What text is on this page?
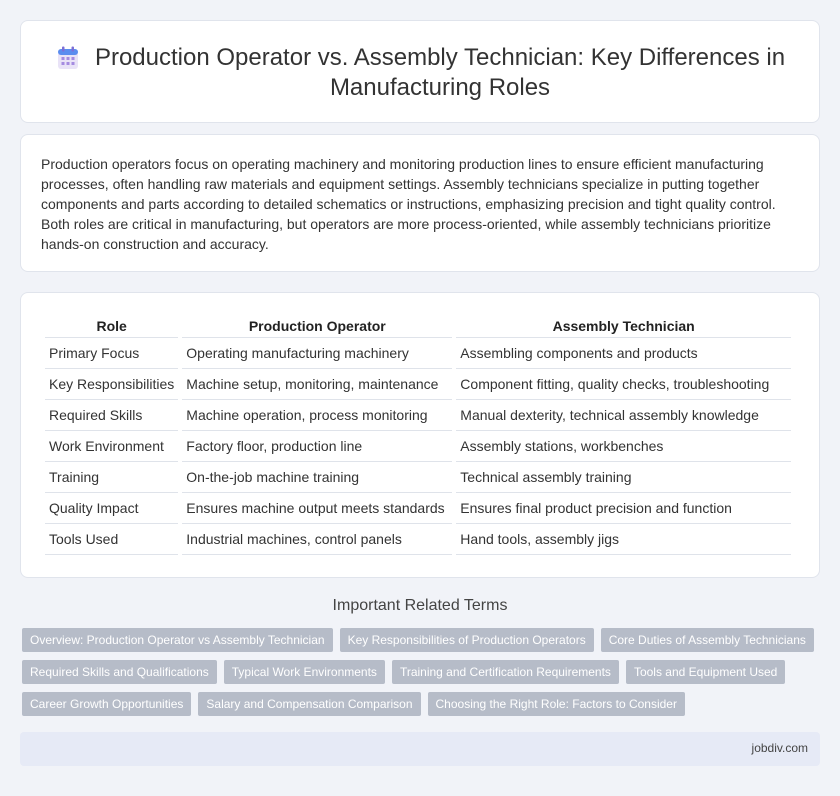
Production Operator vs. Assembly Technician: Key Differences in Manufacturing Roles

Production operators focus on operating machinery and monitoring production lines to ensure efficient manufacturing processes, often handling raw materials and equipment settings. Assembly technicians specialize in putting together components and parts according to detailed schematics or instructions, emphasizing precision and tight quality control. Both roles are critical in manufacturing, but operators are more process-oriented, while assembly technicians prioritize hands-on construction and accuracy.

Role	Production Operator	Assembly Technician
Primary Focus	Operating manufacturing machinery	Assembling components and products
Key Responsibilities	Machine setup, monitoring, maintenance	Component fitting, quality checks, troubleshooting
Required Skills	Machine operation, process monitoring	Manual dexterity, technical assembly knowledge
Work Environment	Factory floor, production line	Assembly stations, workbenches
Training	On-the-job machine training	Technical assembly training
Quality Impact	Ensures machine output meets standards	Ensures final product precision and function
Tools Used	Industrial machines, control panels	Hand tools, assembly jigs
Important Related Terms
Overview: Production Operator vs Assembly Technician	Key Responsibilities of Production Operators	Core Duties of Assembly Technicians
Required Skills and Qualifications	Typical Work Environments	Training and Certification Requirements	Tools and Equipment Used
Career Growth Opportunities	Salary and Compensation Comparison	Choosing the Right Role: Factors to Consider
jobdiv.com
